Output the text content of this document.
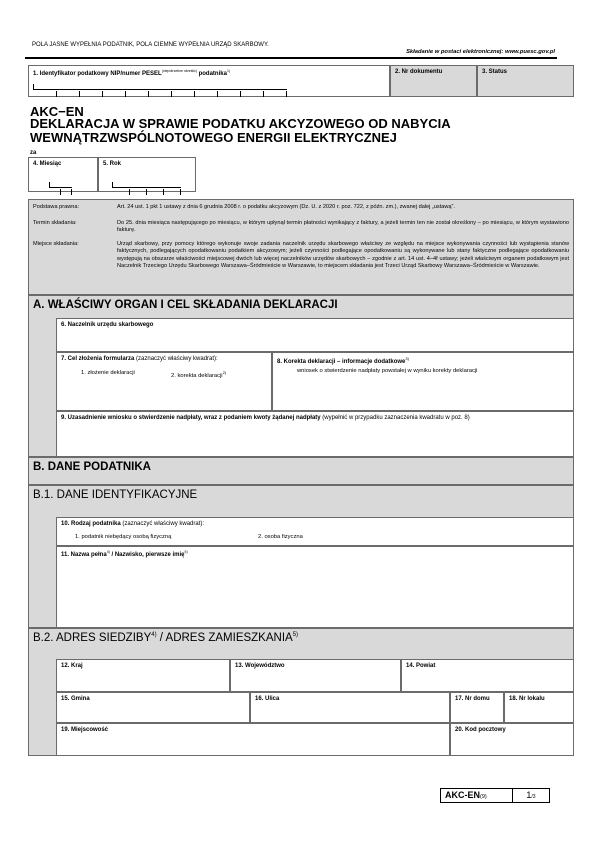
POLA JASNE WYPEŁNIA PODATNIK, POLA CIEMNE WYPEŁNIA URZĄD SKARBOWY.
Składanie w postaci elektronicznej: www.puesc.gov.pl
1. Identyfikator podatkowy NIP/numer $PESEL^{(niepotrzebne skreślić)}$ podatnika$^{1)}$	2. Nr dokumentu	3. Status
AKC−EN
DEKLARACJA W SPRAWIE PODATKU AKCYZOWEGO OD NABYCIA
WEWNĄTRZWSPÓLNOTOWEGO ENERGII ELEKTRYCZNEJ
za
4. Miesiąc	5. Rok
Podstawa prawna:	Art. 24 ust. 1 pkt 1 ustawy z dnia 6 grudnia 2008 r. o podatku akcyzowym (Dz. U. z 2020 r. poz. 722, z późn. zm.), zwanej dalej „ustawą”.
Termin składania:	Do 25. dnia miesiąca następującego po miesiącu, w którym upłynął termin płatności wynikający z faktury, a jeżeli termin ten nie został określony – po miesiącu, w którym wystawiono fakturę.
Miejsce składania:	Urząd skarbowy, przy pomocy którego wykonuje swoje zadania naczelnik urzędu skarbowego właściwy ze względu na miejsce wykonywania czynności lub wystąpienia stanów faktycznych, podlegających opodatkowaniu podatkiem akcyzowym; jeżeli czynności podlegające opodatkowaniu są wykonywane lub stany faktyczne podlegające opodatkowaniu występują na obszarze właściwości miejscowej dwóch lub więcej naczelników urzędów skarbowych – zgodnie z art. 14 ust. 4–4f ustawy; jeżeli właściwym organem podatkowym jest Naczelnik Trzeciego Urzędu Skarbowego Warszawa–Śródmieście w Warszawie, to miejscem składania jest Trzeci Urząd Skarbowy Warszawa–Śródmieście w Warszawie.
A. WŁAŚCIWY ORGAN I CEL SKŁADANIA DEKLARACJI
6. Naczelnik urzędu skarbowego
7. Cel złożenia formularza (zaznaczyć właściwy kwadrat):
1. złożenie deklaracji	2. korekta deklaracji$^{2)}$
8. Korekta deklaracji – informacje dodatkowe$^{3)}$
wniosek o stwierdzenie nadpłaty powstałej w wyniku korekty deklaracji
9. Uzasadnienie wniosku o stwierdzenie nadpłaty, wraz z podaniem kwoty żądanej nadpłaty (wypełnić w przypadku zaznaczenia kwadratu w poz. 8)
B. DANE PODATNIKA
B.1. DANE IDENTYFIKACYJNE
10. Rodzaj podatnika (zaznaczyć właściwy kwadrat):
1. podatnik niebędący osobą fizyczną	2. osoba fizyczna
11. Nazwa pełna$^{4)}$ / Nazwisko, pierwsze imię$^{5)}$
B.2. ADRES SIEDZIBY$^{4)}$ / ADRES ZAMIESZKANIA$^{5)}$
12. Kraj	13. Województwo	14. Powiat
15. Gmina	16. Ulica	17. Nr domu	18. Nr lokalu
19. Miejscowość	20. Kod pocztowy
AKC-EN(9)	1/3
